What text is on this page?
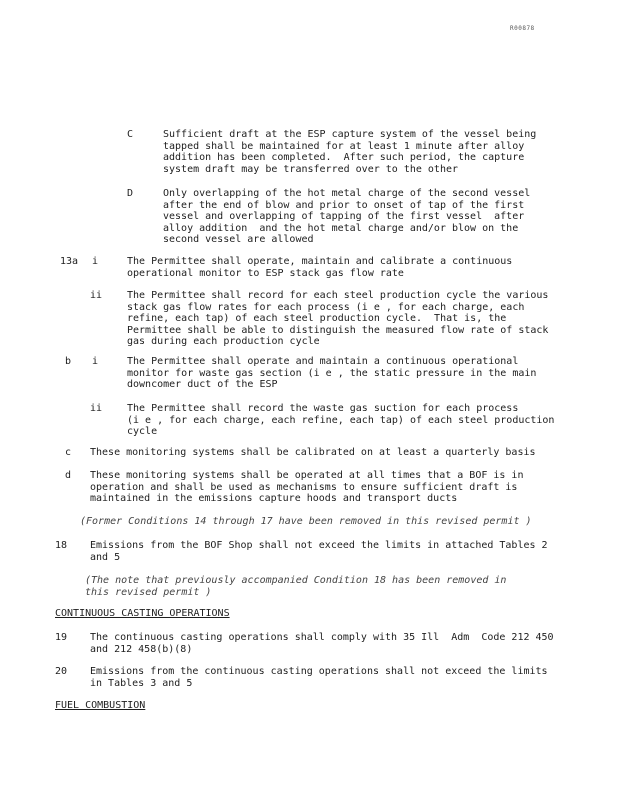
R00878
C	Sufficient draft at the ESP capture system of the vessel being
tapped shall be maintained for at least 1 minute after alloy
addition has been completed.  After such period, the capture
system draft may be transferred over to the other
D	Only overlapping of the hot metal charge of the second vessel
after the end of blow and prior to onset of tap of the first
vessel and overlapping of tapping of the first vessel  after
alloy addition  and the hot metal charge and/or blow on the
second vessel are allowed
13a i	The Permittee shall operate, maintain and calibrate a continuous
operational monitor to ESP stack gas flow rate
ii The Permittee shall record for each steel production cycle the various
stack gas flow rates for each process (i e , for each charge, each
refine, each tap) of each steel production cycle.  That is, the
Permittee shall be able to distinguish the measured flow rate of stack
gas during each production cycle
b i	The Permittee shall operate and maintain a continuous operational
monitor for waste gas section (i e , the static pressure in the main
downcomer duct of the ESP
ii The Permittee shall record the waste gas suction for each process
(i e , for each charge, each refine, each tap) of each steel production
cycle
c These monitoring systems shall be calibrated on at least a quarterly basis
d These monitoring systems shall be operated at all times that a BOF is in
operation and shall be used as mechanisms to ensure sufficient draft is
maintained in the emissions capture hoods and transport ducts
(Former Conditions 14 through 17 have been removed in this revised permit )
18 Emissions from the BOF Shop shall not exceed the limits in attached Tables 2
and 5
(The note that previously accompanied Condition 18 has been removed in
this revised permit )
CONTINUOUS CASTING OPERATIONS
19 The continuous casting operations shall comply with 35 Ill  Adm  Code 212 450
and 212 458(b)(8)
20 Emissions from the continuous casting operations shall not exceed the limits
in Tables 3 and 5
FUEL COMBUSTION
